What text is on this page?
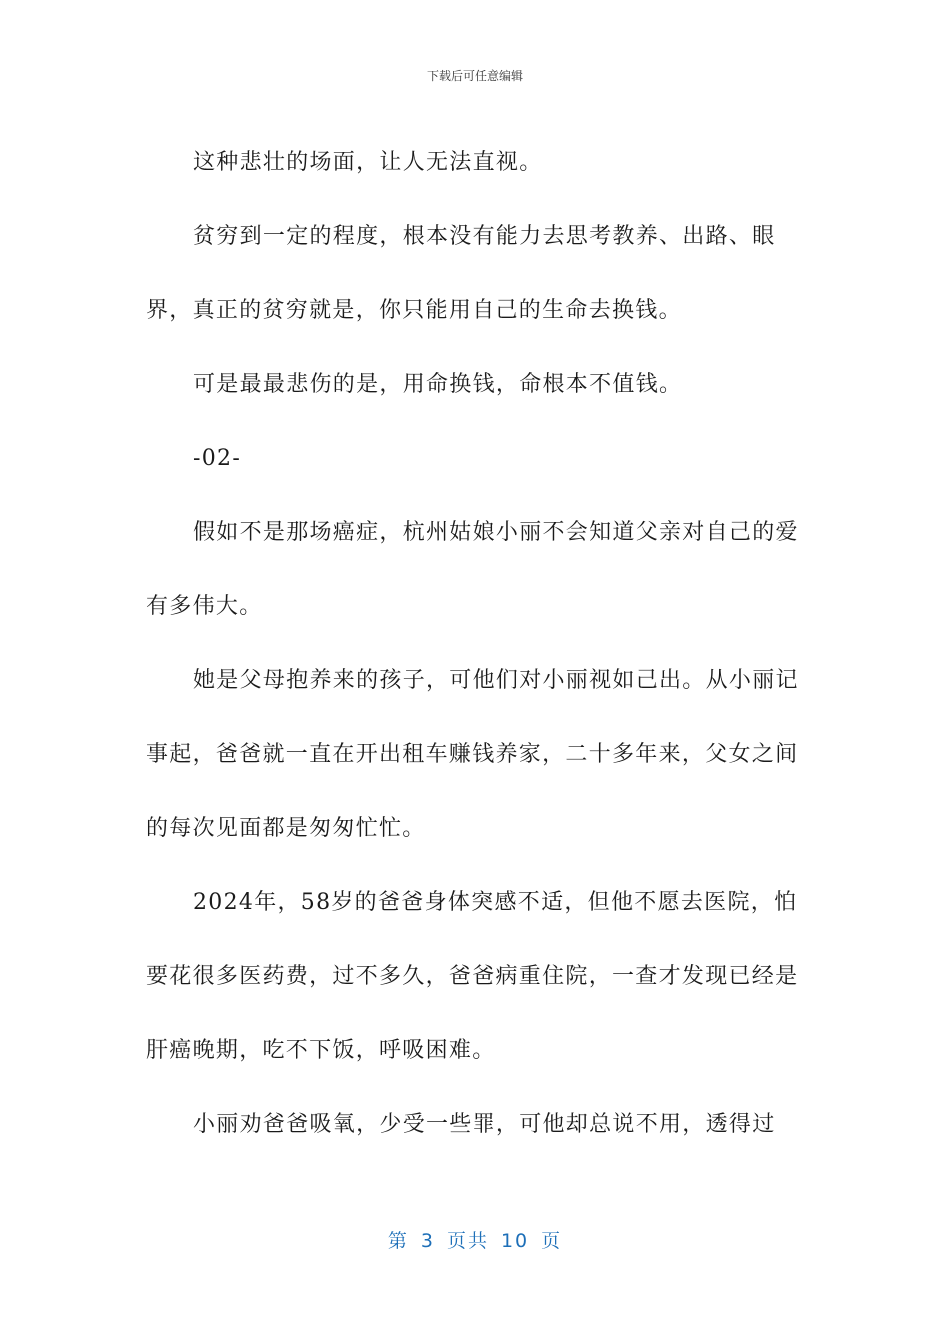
下载后可任意编辑

这种悲壮的场面，让人无法直视。

贫穷到一定的程度，根本没有能力去思考教养、出路、眼界，真正的贫穷就是，你只能用自己的生命去换钱。

可是最最悲伤的是，用命换钱，命根本不值钱。

-02-

假如不是那场癌症，杭州姑娘小丽不会知道父亲对自己的爱有多伟大。

她是父母抱养来的孩子，可他们对小丽视如己出。从小丽记事起，爸爸就一直在开出租车赚钱养家，二十多年来，父女之间的每次见面都是匆匆忙忙。

2024年，58岁的爸爸身体突感不适，但他不愿去医院，怕要花很多医药费，过不多久，爸爸病重住院，一查才发现已经是肝癌晚期，吃不下饭，呼吸困难。

小丽劝爸爸吸氧，少受一些罪，可他却总说不用，透得过

第 3 页共 10 页
